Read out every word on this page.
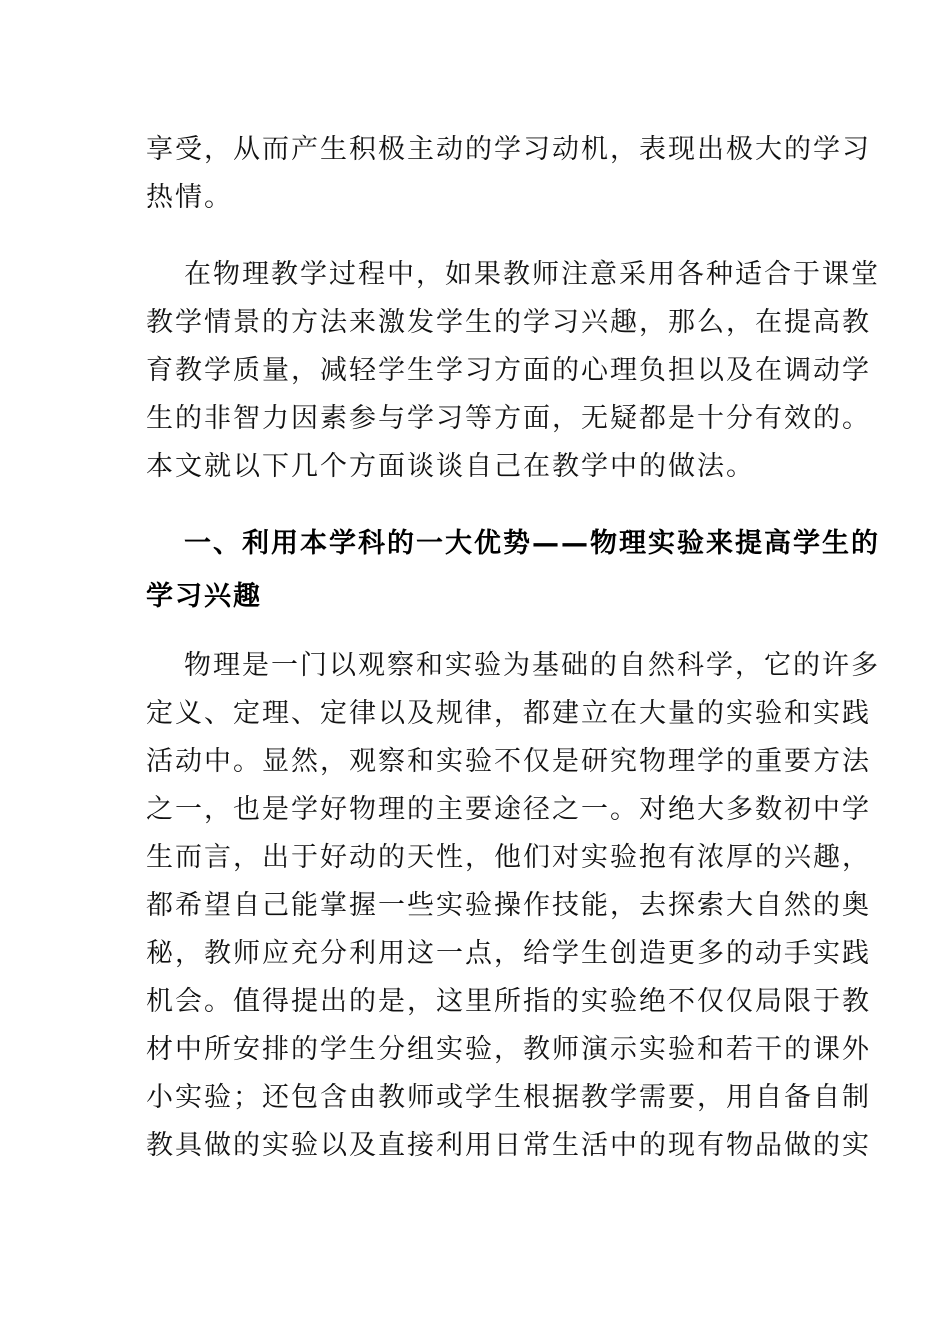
享受，从而产生积极主动的学习动机，表现出极大的学习
热情。
在物理教学过程中，如果教师注意采用各种适合于课堂
教学情景的方法来激发学生的学习兴趣，那么，在提高教
育教学质量，减轻学生学习方面的心理负担以及在调动学
生的非智力因素参与学习等方面，无疑都是十分有效的。
本文就以下几个方面谈谈自己在教学中的做法。
一、利用本学科的一大优势——物理实验来提高学生的
学习兴趣
物理是一门以观察和实验为基础的自然科学，它的许多
定义、定理、定律以及规律，都建立在大量的实验和实践
活动中。显然，观察和实验不仅是研究物理学的重要方法
之一，也是学好物理的主要途径之一。对绝大多数初中学
生而言，出于好动的天性，他们对实验抱有浓厚的兴趣，
都希望自己能掌握一些实验操作技能，去探索大自然的奥
秘，教师应充分利用这一点，给学生创造更多的动手实践
机会。值得提出的是，这里所指的实验绝不仅仅局限于教
材中所安排的学生分组实验，教师演示实验和若干的课外
小实验；还包含由教师或学生根据教学需要，用自备自制
教具做的实验以及直接利用日常生活中的现有物品做的实
